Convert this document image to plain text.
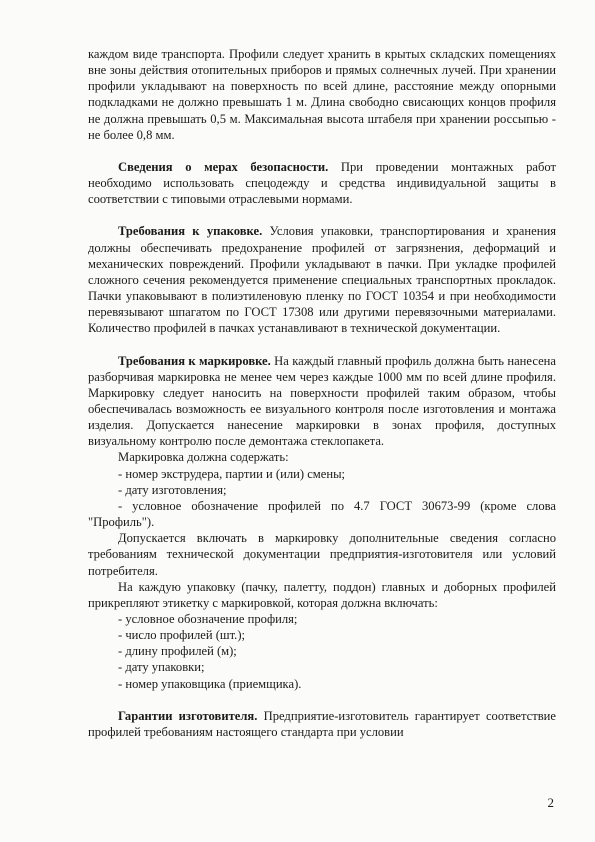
каждом виде транспорта. Профили следует хранить в крытых складских помещениях вне зоны действия отопительных приборов и прямых солнечных лучей. При хранении профили укладывают на поверхность по всей длине, расстояние между опорными подкладками не должно превышать 1 м. Длина свободно свисающих концов профиля не должна превышать 0,5 м. Максимальная высота штабеля при хранении россыпью - не более 0,8 мм.

Сведения о мерах безопасности. При проведении монтажных работ необходимо использовать спецодежду и средства индивидуальной защиты в соответствии с типовыми отраслевыми нормами.

Требования к упаковке. Условия упаковки, транспортирования и хранения должны обеспечивать предохранение профилей от загрязнения, деформаций и механических повреждений. Профили укладывают в пачки. При укладке профилей сложного сечения рекомендуется применение специальных транспортных прокладок. Пачки упаковывают в полиэтиленовую пленку по ГОСТ 10354 и при необходимости перевязывают шпагатом по ГОСТ 17308 или другими перевязочными материалами. Количество профилей в пачках устанавливают в технической документации.

Требования к маркировке. На каждый главный профиль должна быть нанесена разборчивая маркировка не менее чем через каждые 1000 мм по всей длине профиля. Маркировку следует наносить на поверхности профилей таким образом, чтобы обеспечивалась возможность ее визуального контроля после изготовления и монтажа изделия. Допускается нанесение маркировки в зонах профиля, доступных визуальному контролю после демонтажа стеклопакета.

Маркировка должна содержать:

- номер экструдера, партии и (или) смены;

- дату изготовления;

- условное обозначение профилей по 4.7 ГОСТ 30673-99 (кроме слова "Профиль").

Допускается включать в маркировку дополнительные сведения согласно требованиям технической документации предприятия-изготовителя или условий потребителя.

На каждую упаковку (пачку, палетту, поддон) главных и доборных профилей прикрепляют этикетку с маркировкой, которая должна включать:

- условное обозначение профиля;

- число профилей (шт.);

- длину профилей (м);

- дату упаковки;

- номер упаковщика (приемщика).

Гарантии изготовителя. Предприятие-изготовитель гарантирует соответствие профилей требованиям настоящего стандарта при условии

2
